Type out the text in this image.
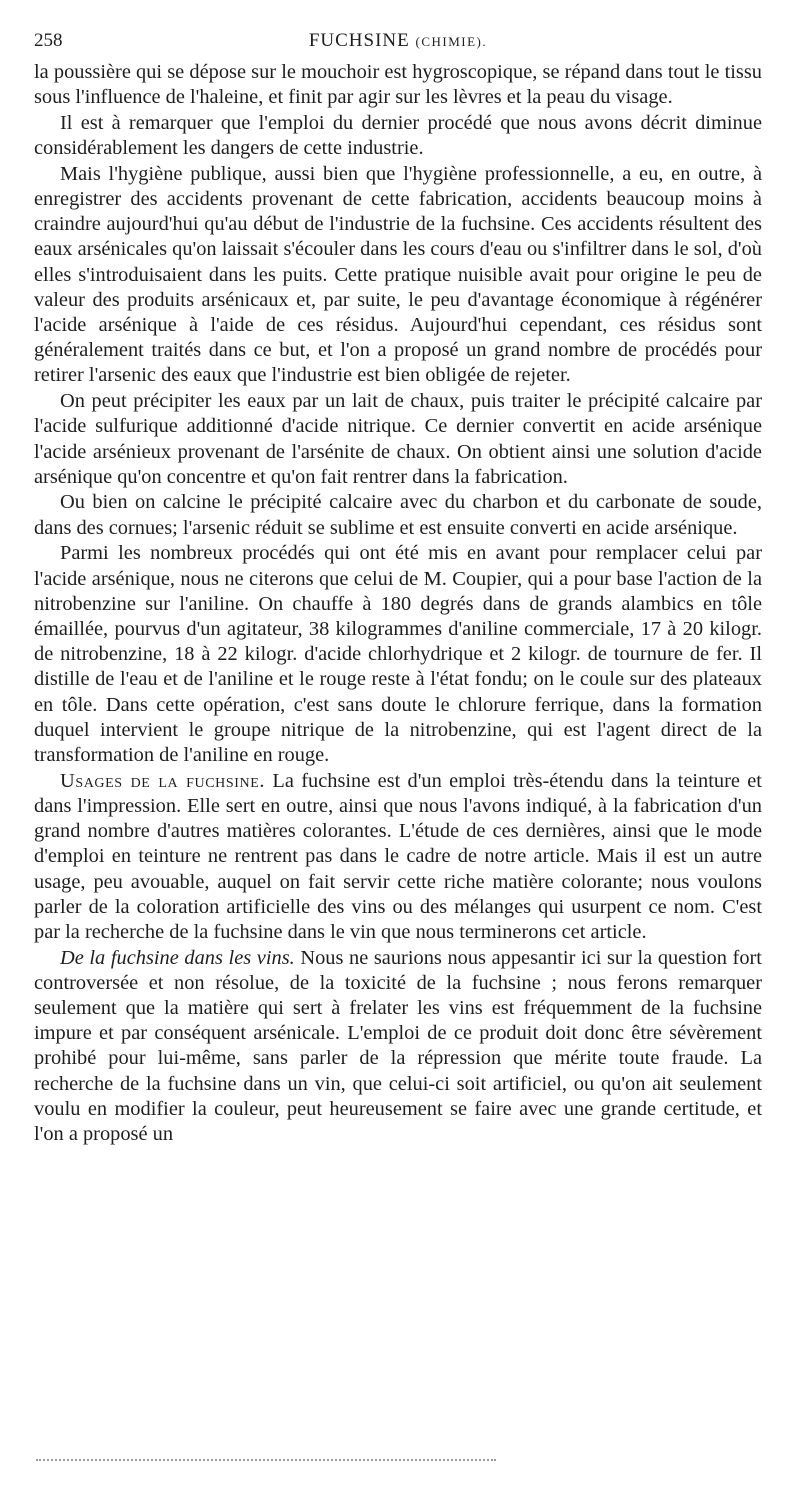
258	FUCHSINE (CHIMIE).

la poussière qui se dépose sur le mouchoir est hygroscopique, se répand dans tout le tissu sous l'influence de l'haleine, et finit par agir sur les lèvres et la peau du visage.

Il est à remarquer que l'emploi du dernier procédé que nous avons décrit diminue considérablement les dangers de cette industrie.

Mais l'hygiène publique, aussi bien que l'hygiène professionnelle, a eu, en outre, à enregistrer des accidents provenant de cette fabrication, accidents beaucoup moins à craindre aujourd'hui qu'au début de l'industrie de la fuchsine. Ces accidents résultent des eaux arsénicales qu'on laissait s'écouler dans les cours d'eau ou s'infiltrer dans le sol, d'où elles s'introduisaient dans les puits. Cette pratique nuisible avait pour origine le peu de valeur des produits arsénicaux et, par suite, le peu d'avantage économique à régénérer l'acide arsénique à l'aide de ces résidus. Aujourd'hui cependant, ces résidus sont généralement traités dans ce but, et l'on a proposé un grand nombre de procédés pour retirer l'arsenic des eaux que l'industrie est bien obligée de rejeter.

On peut précipiter les eaux par un lait de chaux, puis traiter le précipité calcaire par l'acide sulfurique additionné d'acide nitrique. Ce dernier convertit en acide arsénique l'acide arsénieux provenant de l'arsénite de chaux. On obtient ainsi une solution d'acide arsénique qu'on concentre et qu'on fait rentrer dans la fabrication.

Ou bien on calcine le précipité calcaire avec du charbon et du carbonate de soude, dans des cornues; l'arsenic réduit se sublime et est ensuite converti en acide arsénique.

Parmi les nombreux procédés qui ont été mis en avant pour remplacer celui par l'acide arsénique, nous ne citerons que celui de M. Coupier, qui a pour base l'action de la nitrobenzine sur l'aniline. On chauffe à 180 degrés dans de grands alambics en tôle émaillée, pourvus d'un agitateur, 38 kilogrammes d'aniline commerciale, 17 à 20 kilogr. de nitrobenzine, 18 à 22 kilogr. d'acide chlorhydrique et 2 kilogr. de tournure de fer. Il distille de l'eau et de l'aniline et le rouge reste à l'état fondu; on le coule sur des plateaux en tôle. Dans cette opération, c'est sans doute le chlorure ferrique, dans la formation duquel intervient le groupe nitrique de la nitrobenzine, qui est l'agent direct de la transformation de l'aniline en rouge.

Usages de la fuchsine. La fuchsine est d'un emploi très-étendu dans la teinture et dans l'impression. Elle sert en outre, ainsi que nous l'avons indiqué, à la fabrication d'un grand nombre d'autres matières colorantes. L'étude de ces dernières, ainsi que le mode d'emploi en teinture ne rentrent pas dans le cadre de notre article. Mais il est un autre usage, peu avouable, auquel on fait servir cette riche matière colorante; nous voulons parler de la coloration artificielle des vins ou des mélanges qui usurpent ce nom. C'est par la recherche de la fuchsine dans le vin que nous terminerons cet article.

De la fuchsine dans les vins. Nous ne saurions nous appesantir ici sur la question fort controversée et non résolue, de la toxicité de la fuchsine ; nous ferons remarquer seulement que la matière qui sert à frelater les vins est fréquemment de la fuchsine impure et par conséquent arsénicale. L'emploi de ce produit doit donc être sévèrement prohibé pour lui-même, sans parler de la répression que mérite toute fraude. La recherche de la fuchsine dans un vin, que celui-ci soit artificiel, ou qu'on ait seulement voulu en modifier la couleur, peut heureusement se faire avec une grande certitude, et l'on a proposé un
